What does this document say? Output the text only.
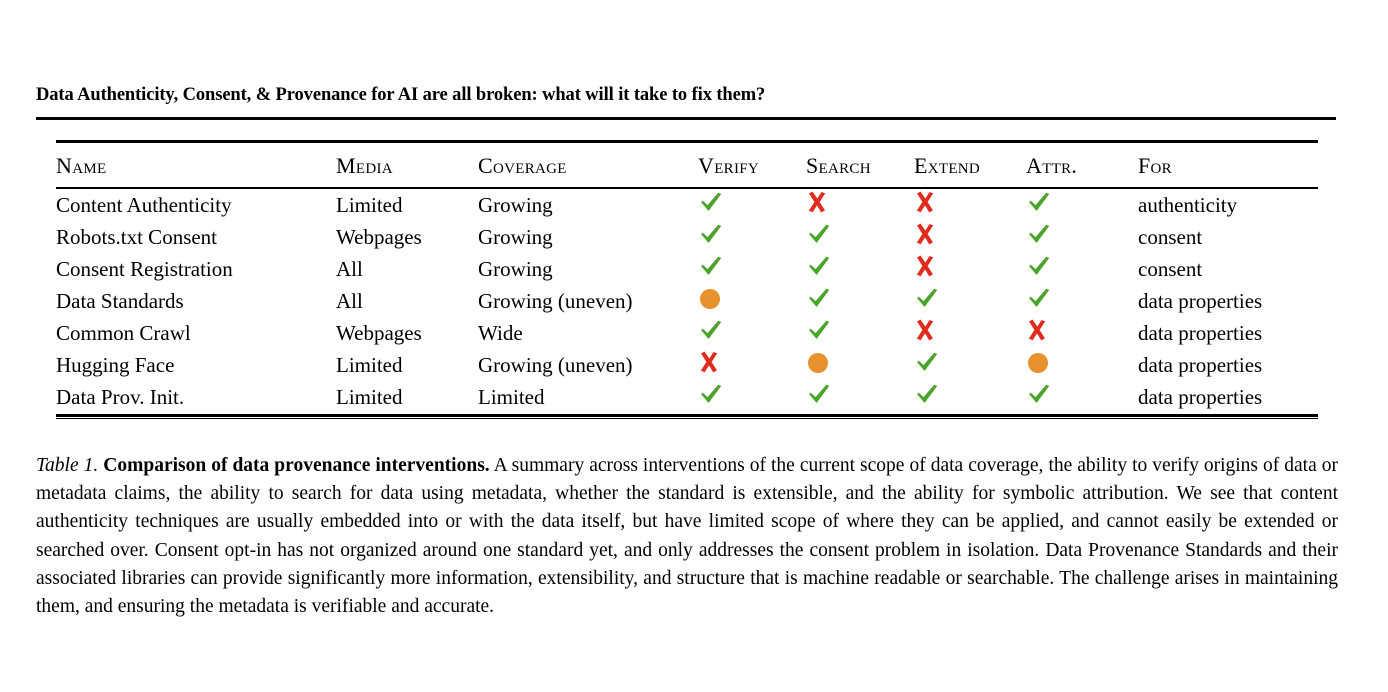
Data Authenticity, Consent, & Provenance for AI are all broken: what will it take to fix them?
Name	Media	Coverage	Verify	Search	Extend	Attr.	For
Content Authenticity	Limited	Growing					authenticity
Robots.txt Consent	Webpages	Growing					consent
Consent Registration	All	Growing					consent
Data Standards	All	Growing (uneven)					data properties
Common Crawl	Webpages	Wide					data properties
Hugging Face	Limited	Growing (uneven)					data properties
Data Prov. Init.	Limited	Limited					data properties
Table 1. Comparison of data provenance interventions. A summary across interventions of the current scope of data coverage, the ability to verify origins of data or metadata claims, the ability to search for data using metadata, whether the standard is extensible, and the ability for symbolic attribution. We see that content authenticity techniques are usually embedded into or with the data itself, but have limited scope of where they can be applied, and cannot easily be extended or searched over. Consent opt-in has not organized around one standard yet, and only addresses the consent problem in isolation. Data Provenance Standards and their associated libraries can provide significantly more information, extensibility, and structure that is machine readable or searchable. The challenge arises in maintaining them, and ensuring the metadata is verifiable and accurate.
